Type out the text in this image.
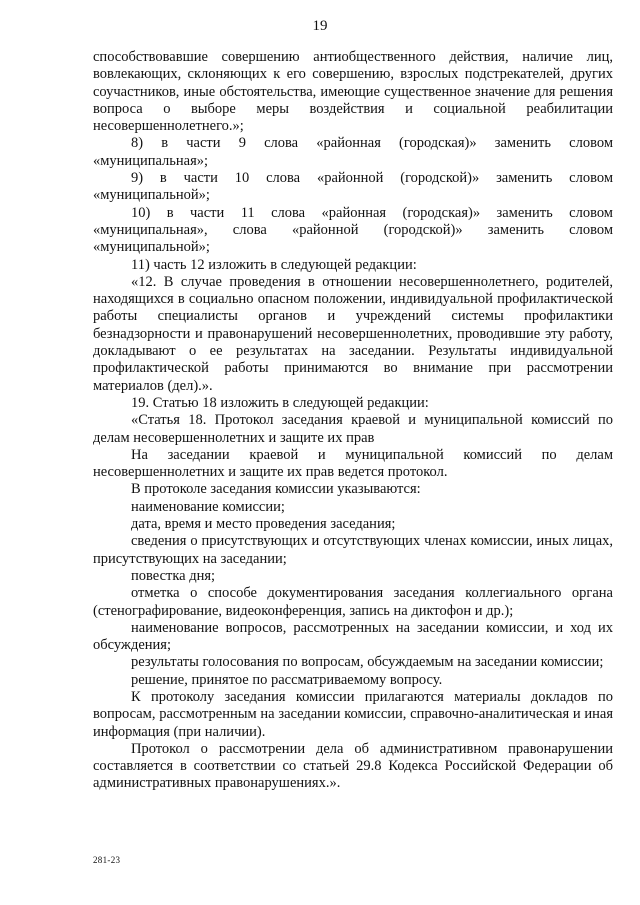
19

способствовавшие совершению антиобщественного действия, наличие лиц, вовлекающих, склоняющих к его совершению, взрослых подстрекателей, других соучастников, иные обстоятельства, имеющие существенное значение для решения вопроса о выборе меры воздействия и социальной реабилитации несовершеннолетнего.»;

8) в части 9 слова «районная (городская)» заменить словом «муниципальная»;

9) в части 10 слова «районной (городской)» заменить словом «муниципальной»;

10) в части 11 слова «районная (городская)» заменить словом «муниципальная», слова «районной (городской)» заменить словом «муниципальной»;

11) часть 12 изложить в следующей редакции:

«12. В случае проведения в отношении несовершеннолетнего, родителей, находящихся в социально опасном положении, индивидуальной профилактической работы специалисты органов и учреждений системы профилактики безнадзорности и правонарушений несовершеннолетних, проводившие эту работу, докладывают о ее результатах на заседании. Результаты индивидуальной профилактической работы принимаются во внимание при рассмотрении материалов (дел).».

19. Статью 18 изложить в следующей редакции:

«Статья 18. Протокол заседания краевой и муниципальной комиссий по делам несовершеннолетних и защите их прав

На заседании краевой и муниципальной комиссий по делам несовершеннолетних и защите их прав ведется протокол.

В протоколе заседания комиссии указываются:

наименование комиссии;

дата, время и место проведения заседания;

сведения о присутствующих и отсутствующих членах комиссии, иных лицах, присутствующих на заседании;

повестка дня;

отметка о способе документирования заседания коллегиального органа (стенографирование, видеоконференция, запись на диктофон и др.);

наименование вопросов, рассмотренных на заседании комиссии, и ход их обсуждения;

результаты голосования по вопросам, обсуждаемым на заседании комиссии;

решение, принятое по рассматриваемому вопросу.

К протоколу заседания комиссии прилагаются материалы докладов по вопросам, рассмотренным на заседании комиссии, справочно-аналитическая и иная информация (при наличии).

Протокол о рассмотрении дела об административном правонарушении составляется в соответствии со статьей 29.8 Кодекса Российской Федерации об административных правонарушениях.».

281-23
